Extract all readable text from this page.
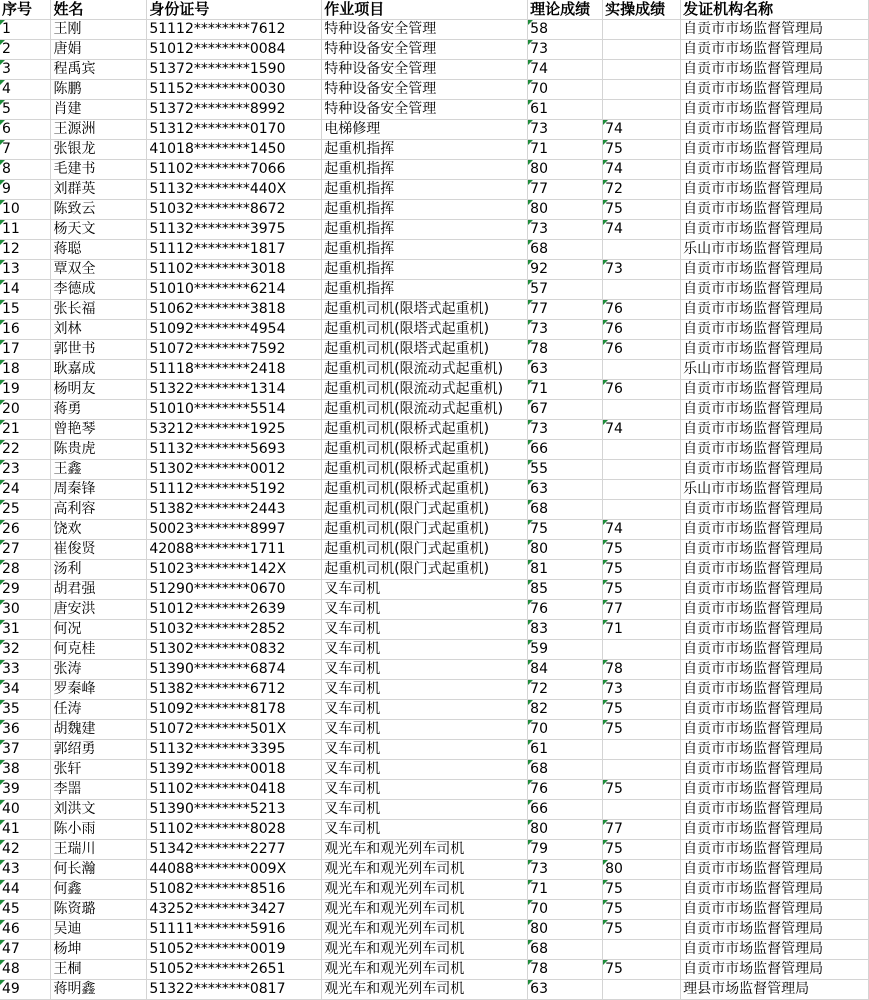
序号	姓名	身份证号	作业项目	理论成绩	实操成绩	发证机构名称
1	王刚	51112********7612	特种设备安全管理	58		自贡市市场监督管理局
2	唐娟	51012********0084	特种设备安全管理	73		自贡市市场监督管理局
3	程禹宾	51372********1590	特种设备安全管理	74		自贡市市场监督管理局
4	陈鹏	51152********0030	特种设备安全管理	70		自贡市市场监督管理局
5	肖建	51372********8992	特种设备安全管理	61		自贡市市场监督管理局
6	王源洲	51312********0170	电梯修理	73	74	自贡市市场监督管理局
7	张银龙	41018********1450	起重机指挥	71	75	自贡市市场监督管理局
8	毛建书	51102********7066	起重机指挥	80	74	自贡市市场监督管理局
9	刘群英	51132********440X	起重机指挥	77	72	自贡市市场监督管理局
10	陈致云	51032********8672	起重机指挥	80	75	自贡市市场监督管理局
11	杨天文	51132********3975	起重机指挥	73	74	自贡市市场监督管理局
12	蒋聪	51112********1817	起重机指挥	68		乐山市市场监督管理局
13	覃双全	51102********3018	起重机指挥	92	73	自贡市市场监督管理局
14	李德成	51010********6214	起重机指挥	57		自贡市市场监督管理局
15	张长福	51062********3818	起重机司机(限塔式起重机)	77	76	自贡市市场监督管理局
16	刘林	51092********4954	起重机司机(限塔式起重机)	73	76	自贡市市场监督管理局
17	郭世书	51072********7592	起重机司机(限塔式起重机)	78	76	自贡市市场监督管理局
18	耿嘉成	51118********2418	起重机司机(限流动式起重机)	63		乐山市市场监督管理局
19	杨明友	51322********1314	起重机司机(限流动式起重机)	71	76	自贡市市场监督管理局
20	蒋勇	51010********5514	起重机司机(限流动式起重机)	67		自贡市市场监督管理局
21	曾艳琴	53212********1925	起重机司机(限桥式起重机)	73	74	自贡市市场监督管理局
22	陈贵虎	51132********5693	起重机司机(限桥式起重机)	66		自贡市市场监督管理局
23	王鑫	51302********0012	起重机司机(限桥式起重机)	55		自贡市市场监督管理局
24	周秦锋	51112********5192	起重机司机(限桥式起重机)	63		乐山市市场监督管理局
25	高利容	51382********2443	起重机司机(限门式起重机)	68		自贡市市场监督管理局
26	饶欢	50023********8997	起重机司机(限门式起重机)	75	74	自贡市市场监督管理局
27	崔俊贤	42088********1711	起重机司机(限门式起重机)	80	75	自贡市市场监督管理局
28	汤利	51023********142X	起重机司机(限门式起重机)	81	75	自贡市市场监督管理局
29	胡君强	51290********0670	叉车司机	85	75	自贡市市场监督管理局
30	唐安洪	51012********2639	叉车司机	76	77	自贡市市场监督管理局
31	何况	51032********2852	叉车司机	83	71	自贡市市场监督管理局
32	何克桂	51302********0832	叉车司机	59		自贡市市场监督管理局
33	张涛	51390********6874	叉车司机	84	78	自贡市市场监督管理局
34	罗秦峰	51382********6712	叉车司机	72	73	自贡市市场监督管理局
35	任涛	51092********8178	叉车司机	82	75	自贡市市场监督管理局
36	胡魏建	51072********501X	叉车司机	70	75	自贡市市场监督管理局
37	郭绍勇	51132********3395	叉车司机	61		自贡市市场监督管理局
38	张轩	51392********0018	叉车司机	68		自贡市市场监督管理局
39	李噐	51102********0418	叉车司机	76	75	自贡市市场监督管理局
40	刘洪文	51390********5213	叉车司机	66		自贡市市场监督管理局
41	陈小雨	51102********8028	叉车司机	80	77	自贡市市场监督管理局
42	王瑞川	51342********2277	观光车和观光列车司机	79	75	自贡市市场监督管理局
43	何长瀚	44088********009X	观光车和观光列车司机	73	80	自贡市市场监督管理局
44	何鑫	51082********8516	观光车和观光列车司机	71	75	自贡市市场监督管理局
45	陈资璐	43252********3427	观光车和观光列车司机	70	75	自贡市市场监督管理局
46	吴迪	51111********5916	观光车和观光列车司机	80	75	自贡市市场监督管理局
47	杨坤	51052********0019	观光车和观光列车司机	68		自贡市市场监督管理局
48	王桐	51052********2651	观光车和观光列车司机	78	75	自贡市市场监督管理局
49	蒋明鑫	51322********0817	观光车和观光列车司机	63		理县市场监督管理局
